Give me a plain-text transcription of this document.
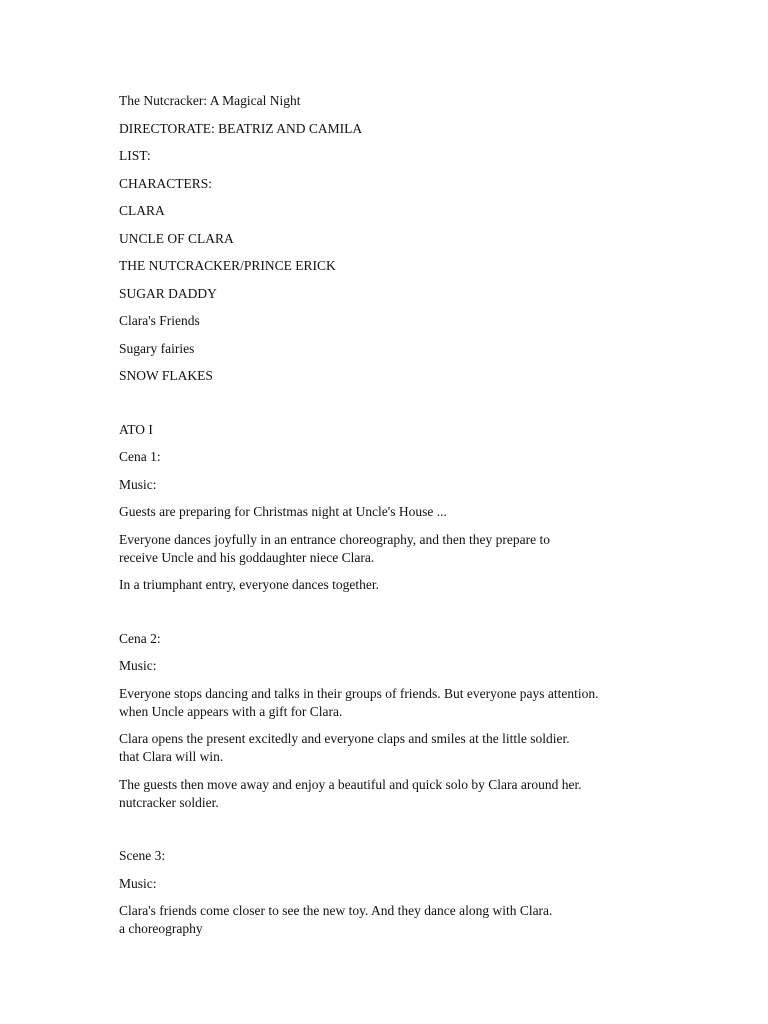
The Nutcracker: A Magical Night

DIRECTORATE: BEATRIZ AND CAMILA

LIST:

CHARACTERS:

CLARA

UNCLE OF CLARA

THE NUTCRACKER/PRINCE ERICK

SUGAR DADDY

Clara's Friends

Sugary fairies

SNOW FLAKES

ATO I

Cena 1:

Music:

Guests are preparing for Christmas night at Uncle's House ...

Everyone dances joyfully in an entrance choreography, and then they prepare to
receive Uncle and his goddaughter niece Clara.

In a triumphant entry, everyone dances together.

Cena 2:

Music:

Everyone stops dancing and talks in their groups of friends. But everyone pays attention.
when Uncle appears with a gift for Clara.

Clara opens the present excitedly and everyone claps and smiles at the little soldier.
that Clara will win.

The guests then move away and enjoy a beautiful and quick solo by Clara around her.
nutcracker soldier.

Scene 3:

Music:

Clara's friends come closer to see the new toy. And they dance along with Clara.
a choreography
